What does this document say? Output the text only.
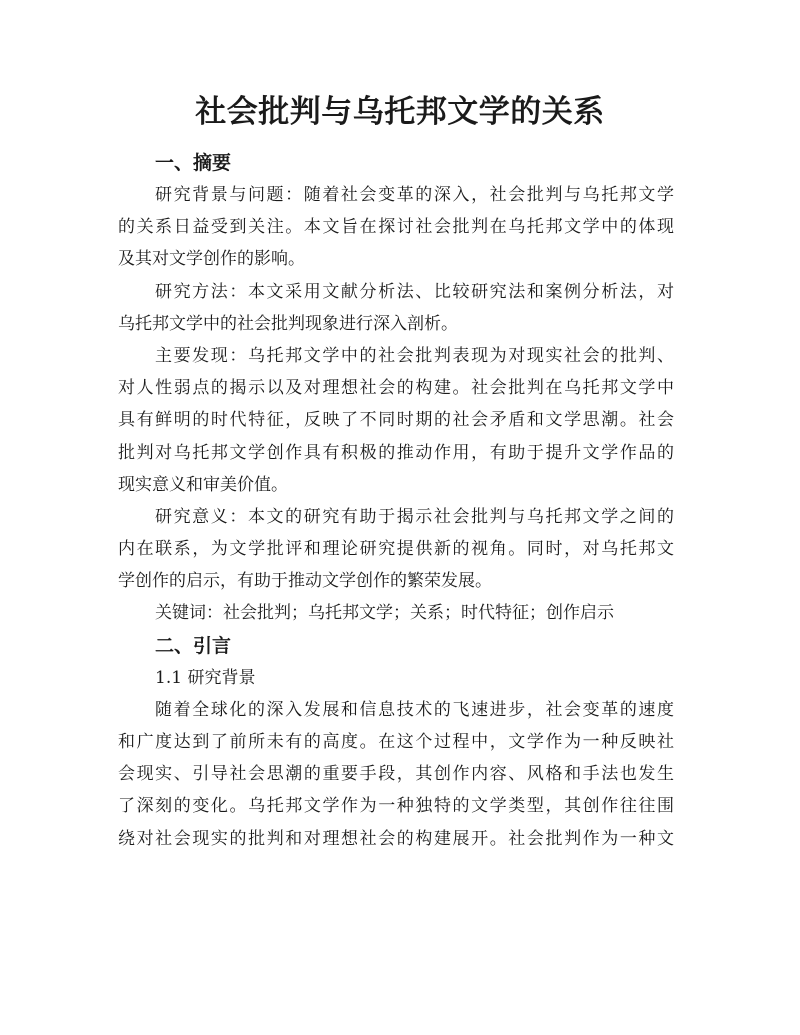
社会批判与乌托邦文学的关系
一、摘要

研究背景与问题：随着社会变革的深入，社会批判与乌托邦文学
的关系日益受到关注。本文旨在探讨社会批判在乌托邦文学中的体现
及其对文学创作的影响。

研究方法：本文采用文献分析法、比较研究法和案例分析法，对
乌托邦文学中的社会批判现象进行深入剖析。

主要发现：乌托邦文学中的社会批判表现为对现实社会的批判、
对人性弱点的揭示以及对理想社会的构建。社会批判在乌托邦文学中
具有鲜明的时代特征，反映了不同时期的社会矛盾和文学思潮。社会
批判对乌托邦文学创作具有积极的推动作用，有助于提升文学作品的
现实意义和审美价值。

研究意义：本文的研究有助于揭示社会批判与乌托邦文学之间的
内在联系，为文学批评和理论研究提供新的视角。同时，对乌托邦文
学创作的启示，有助于推动文学创作的繁荣发展。

关键词：社会批判；乌托邦文学；关系；时代特征；创作启示

二、引言
1.1 研究背景

随着全球化的深入发展和信息技术的飞速进步，社会变革的速度
和广度达到了前所未有的高度。在这个过程中，文学作为一种反映社
会现实、引导社会思潮的重要手段，其创作内容、风格和手法也发生
了深刻的变化。乌托邦文学作为一种独特的文学类型，其创作往往围
绕对社会现实的批判和对理想社会的构建展开。社会批判作为一种文
